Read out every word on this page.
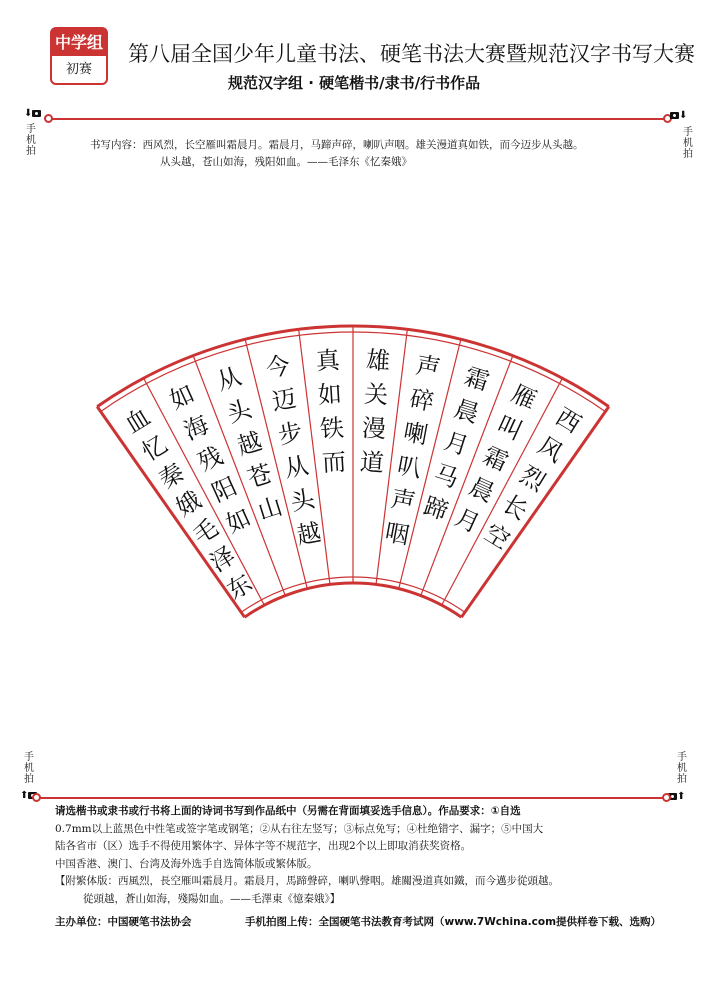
中学组
初赛
第八届全国少年儿童书法、硬笔书法大赛暨规范汉字书写大赛
规范汉字组 · 硬笔楷书/隶书/行书作品
⬇	⬇
手机拍
手机拍
书写内容：西风烈，长空雁叫霜晨月。霜晨月，马蹄声碎，喇叭声咽。雄关漫道真如铁，而今迈步从头越。
从头越，苍山如海，残阳如血。——毛泽东《忆秦娥》
西
风
烈
长
空
雁
叫
霜
晨
月
霜
晨
月
马
蹄
声
碎
喇
叭
声
咽
雄
关
漫
道
真
如
铁
而
今
迈
步
从
头
越
从
头
越
苍
山
如
海
残
阳
如
血
忆
秦
娥
毛
泽
东
手机拍
手机拍
⬆	⬆
请选楷书或隶书或行书将上面的诗词书写到作品纸中（另需在背面填妥选手信息）。作品要求：①自选
0.7mm以上蓝黑色中性笔或签字笔或钢笔；②从右往左竖写；③标点免写；④杜绝错字、漏字；⑤中国大
陆各省市（区）选手不得使用繁体字、异体字等不规范字，出现2个以上即取消获奖资格。
中国香港、澳门、台湾及海外选手自选简体版或繁体版。
【附繁体版：西風烈，長空雁叫霜晨月。霜晨月，馬蹄聲碎，喇叭聲咽。雄關漫道真如鐵，而今邁步從頭越。
從頭越，蒼山如海，殘陽如血。——毛澤東《憶秦娥》】
主办单位：中国硬笔书法协会	手机拍图上传：全国硬笔书法教育考试网（www.7Wchina.com提供样卷下载、选购）
